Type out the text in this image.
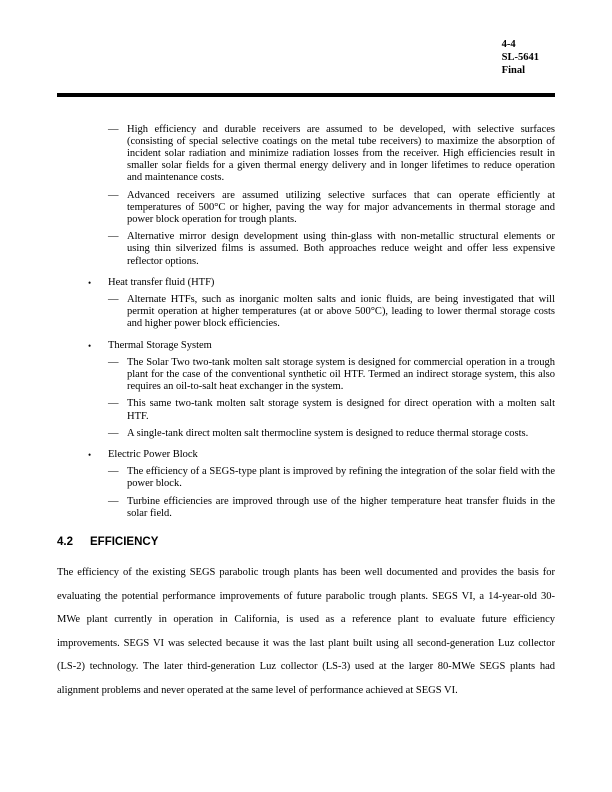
4-4
SL-5641
Final
— High efficiency and durable receivers are assumed to be developed, with selective surfaces (consisting of special selective coatings on the metal tube receivers) to maximize the absorption of incident solar radiation and minimize radiation losses from the receiver. High efficiencies result in smaller solar fields for a given thermal energy delivery and in longer lifetimes to reduce operation and maintenance costs.
— Advanced receivers are assumed utilizing selective surfaces that can operate efficiently at temperatures of 500°C or higher, paving the way for major advancements in thermal storage and power block operation for trough plants.
— Alternative mirror design development using thin-glass with non-metallic structural elements or using thin silverized films is assumed. Both approaches reduce weight and offer less expensive reflector options.
•	Heat transfer fluid (HTF)
— Alternate HTFs, such as inorganic molten salts and ionic fluids, are being investigated that will permit operation at higher temperatures (at or above 500°C), leading to lower thermal storage costs and higher power block efficiencies.
•	Thermal Storage System
— The Solar Two two-tank molten salt storage system is designed for commercial operation in a trough plant for the case of the conventional synthetic oil HTF. Termed an indirect storage system, this also requires an oil-to-salt heat exchanger in the system.
— This same two-tank molten salt storage system is designed for direct operation with a molten salt HTF.
— A single-tank direct molten salt thermocline system is designed to reduce thermal storage costs.
•	Electric Power Block
— The efficiency of a SEGS-type plant is improved by refining the integration of the solar field with the power block.
— Turbine efficiencies are improved through use of the higher temperature heat transfer fluids in the solar field.
4.2	EFFICIENCY

The efficiency of the existing SEGS parabolic trough plants has been well documented and provides the basis for evaluating the potential performance improvements of future parabolic trough plants. SEGS VI, a 14-year-old 30-MWe plant currently in operation in California, is used as a reference plant to evaluate future efficiency improvements. SEGS VI was selected because it was the last plant built using all second-generation Luz collector (LS-2) technology. The later third-generation Luz collector (LS-3) used at the larger 80-MWe SEGS plants had alignment problems and never operated at the same level of performance achieved at SEGS VI.
